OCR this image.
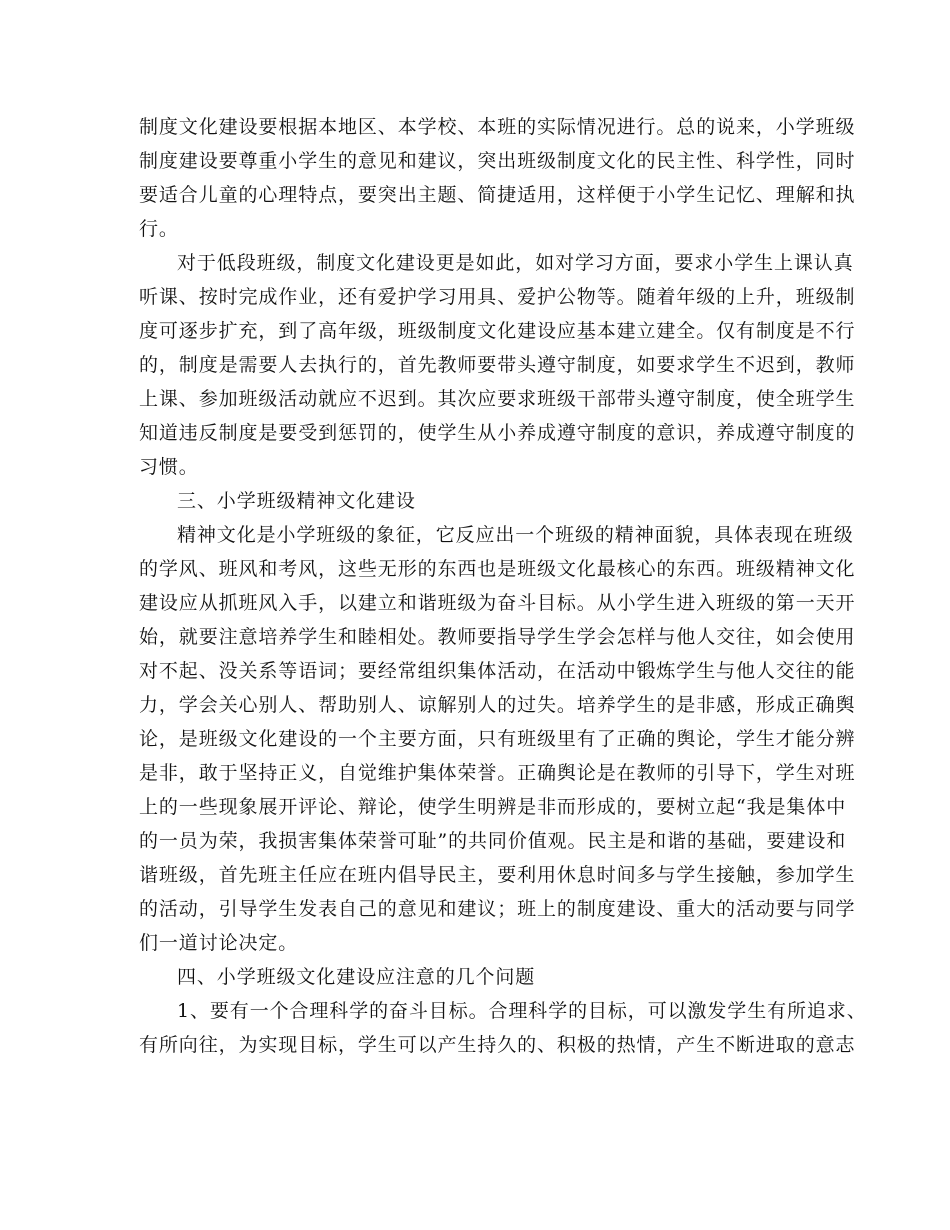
制度文化建设要根据本地区、本学校、本班的实际情况进行。总的说来，小学班级
制度建设要尊重小学生的意见和建议，突出班级制度文化的民主性、科学性，同时
要适合儿童的心理特点，要突出主题、简捷适用，这样便于小学生记忆、理解和执
行。
对于低段班级，制度文化建设更是如此，如对学习方面，要求小学生上课认真
听课、按时完成作业，还有爱护学习用具、爱护公物等。随着年级的上升，班级制
度可逐步扩充，到了高年级，班级制度文化建设应基本建立建全。仅有制度是不行
的，制度是需要人去执行的，首先教师要带头遵守制度，如要求学生不迟到，教师
上课、参加班级活动就应不迟到。其次应要求班级干部带头遵守制度，使全班学生
知道违反制度是要受到惩罚的，使学生从小养成遵守制度的意识，养成遵守制度的
习惯。
三、小学班级精神文化建设
精神文化是小学班级的象征，它反应出一个班级的精神面貌，具体表现在班级
的学风、班风和考风，这些无形的东西也是班级文化最核心的东西。班级精神文化
建设应从抓班风入手，以建立和谐班级为奋斗目标。从小学生进入班级的第一天开
始，就要注意培养学生和睦相处。教师要指导学生学会怎样与他人交往，如会使用
对不起、没关系等语词；要经常组织集体活动，在活动中锻炼学生与他人交往的能
力，学会关心别人、帮助别人、谅解别人的过失。培养学生的是非感，形成正确舆
论，是班级文化建设的一个主要方面，只有班级里有了正确的舆论，学生才能分辨
是非，敢于坚持正义，自觉维护集体荣誉。正确舆论是在教师的引导下，学生对班
上的一些现象展开评论、辩论，使学生明辨是非而形成的，要树立起“我是集体中
的一员为荣，我损害集体荣誉可耻”的共同价值观。民主是和谐的基础，要建设和
谐班级，首先班主任应在班内倡导民主，要利用休息时间多与学生接触，参加学生
的活动，引导学生发表自己的意见和建议；班上的制度建设、重大的活动要与同学
们一道讨论决定。
四、小学班级文化建设应注意的几个问题
1、要有一个合理科学的奋斗目标。合理科学的目标，可以激发学生有所追求、
有所向往，为实现目标，学生可以产生持久的、积极的热情，产生不断进取的意志
